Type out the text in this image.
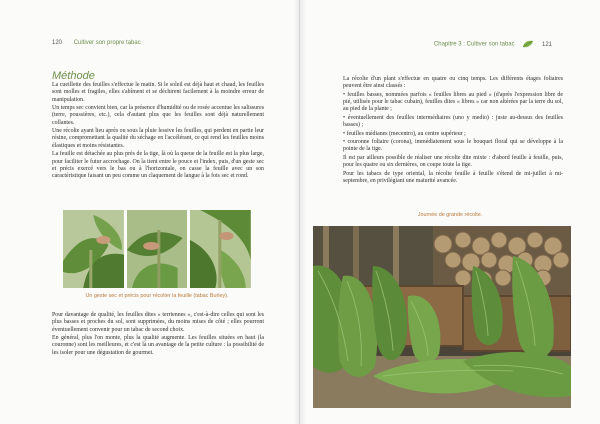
120 Cultiver son propre tabac	Chapitre 3 : Cultiver son tabac	121
Méthode

La cueillette des feuilles s'effectue le matin. Si le soleil est déjà haut et chaud, les feuilles sont molles et fragiles, elles s'abîment et se déchirent facilement à la moindre erreur de manipulation.

Un temps sec convient bien, car la présence d'humidité ou de rosée accentue les salissures (terre, poussières, etc.), cela d'autant plus que les feuilles sont déjà naturellement collantes.

Une récolte ayant lieu après ou sous la pluie lessive les feuilles, qui perdent en partie leur résine, compromettant la qualité du séchage en l'accélérant, ce qui rend les feuilles moins élastiques et moins résistantes.

La feuille est détachée au plus près de la tige, là où la queue de la feuille est la plus large, pour faciliter le futur accrochage. On la tient entre le pouce et l'index, puis, d'un geste sec et précis exercé vers le bas ou à l'horizontale, on casse la feuille avec un son caractéristique faisant un peu comme un claquement de langue à la fois sec et rond.

Un geste sec et précis pour récolter la feuille (tabac Burley).

Pour davantage de qualité, les feuilles dites « terriennes », c'est-à-dire celles qui sont les plus basses et proches du sol, sont supprimées, du moins mises de côté ; elles pourront éventuellement convenir pour un tabac de second choix.

En général, plus l'on monte, plus la qualité augmente. Les feuilles situées en haut (la couronne) sont les meilleures, et c'est là un avantage de la petite culture : la possibilité de les isoler pour une dégustation de gourmet.

La récolte d'un plant s'effectue en quatre ou cinq temps. Les différents étages foliaires peuvent être ainsi classés :

• feuilles basses, nommées parfois « feuilles libres au pied » (d'après l'expression libre de pié, utilisée pour le tabac cubain), feuilles dites « libres » car non altérées par la terre du sol, au pied de la plante ;

• éventuellement des feuilles intermédiaires (uno y medio) : juste au-dessus des feuilles basses) ;

• feuilles médianes (mecentro), au centre supérieur ;

• couronne foliaire (corona), immédiatement sous le bouquet floral qui se développe à la pointe de la tige.

Il est par ailleurs possible de réaliser une récolte dite mixte : d'abord feuille à feuille, puis, pour les quatre ou six dernières, on coupe toute la tige.

Pour les tabacs de type oriental, la récolte feuille à feuille s'étend de mi-juillet à mi-septembre, en privilégiant une maturité avancée.

Journée de grande récolte.
